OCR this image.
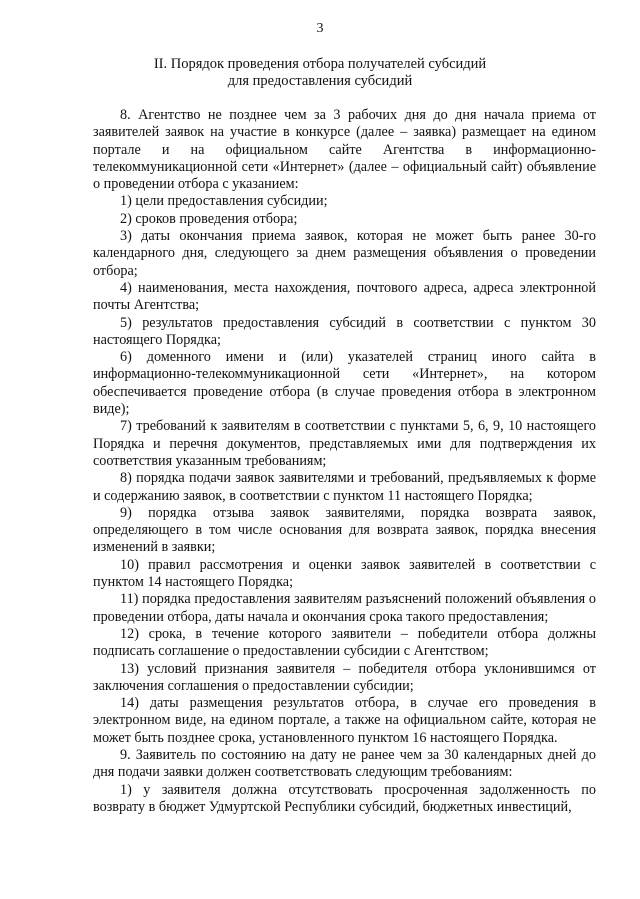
3
II. Порядок проведения отбора получателей субсидий
для предоставления субсидий

8. Агентство не позднее чем за 3 рабочих дня до дня начала приема от заявителей заявок на участие в конкурсе (далее – заявка) размещает на едином портале и на официальном сайте Агентства в информационно-телекоммуникационной сети «Интернет» (далее – официальный сайт) объявление о проведении отбора с указанием:

1) цели предоставления субсидии;

2) сроков проведения отбора;

3) даты окончания приема заявок, которая не может быть ранее 30-го календарного дня, следующего за днем размещения объявления о проведении отбора;

4) наименования, места нахождения, почтового адреса, адреса электронной почты Агентства;

5) результатов предоставления субсидий в соответствии с пунктом 30 настоящего Порядка;

6) доменного имени и (или) указателей страниц иного сайта в информационно-телекоммуникационной сети «Интернет», на котором обеспечивается проведение отбора (в случае проведения отбора в электронном виде);

7) требований к заявителям в соответствии с пунктами 5, 6, 9, 10 настоящего Порядка и перечня документов, представляемых ими для подтверждения их соответствия указанным требованиям;

8) порядка подачи заявок заявителями и требований, предъявляемых к форме и содержанию заявок, в соответствии с пунктом 11 настоящего Порядка;

9) порядка отзыва заявок заявителями, порядка возврата заявок, определяющего в том числе основания для возврата заявок, порядка внесения изменений в заявки;

10) правил рассмотрения и оценки заявок заявителей в соответствии с пунктом 14 настоящего Порядка;

11) порядка предоставления заявителям разъяснений положений объявления о проведении отбора, даты начала и окончания срока такого предоставления;

12) срока, в течение которого заявители – победители отбора должны подписать соглашение о предоставлении субсидии с Агентством;

13) условий признания заявителя – победителя отбора уклонившимся от заключения соглашения о предоставлении субсидии;

14) даты размещения результатов отбора, в случае его проведения в электронном виде, на едином портале, а также на официальном сайте, которая не может быть позднее срока, установленного пунктом 16 настоящего Порядка.

9. Заявитель по состоянию на дату не ранее чем за 30 календарных дней до дня подачи заявки должен соответствовать следующим требованиям:

1) у заявителя должна отсутствовать просроченная задолженность по возврату в бюджет Удмуртской Республики субсидий, бюджетных инвестиций,
